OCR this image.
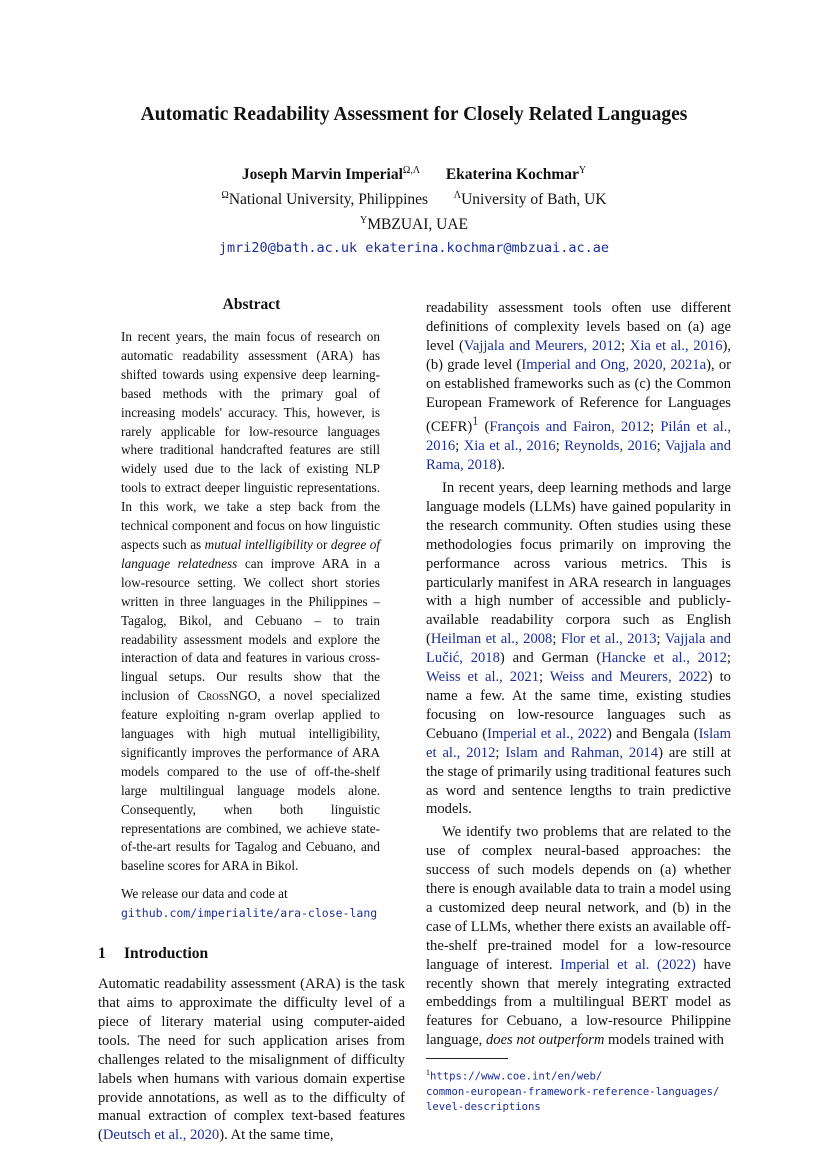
Automatic Readability Assessment for Closely Related Languages
Joseph Marvin Imperial$^{\Omega,\Lambda}$ Ekaterina Kochmar$^\Upsilon$
$^\Omega$National University, Philippines	$^\Lambda$University of Bath, UK
$^\Upsilon$MBZUAI, UAE
jmri20@bath.ac.uk ekaterina.kochmar@mbzuai.ac.ae
Abstract

In recent years, the main focus of research on automatic readability assessment (ARA) has shifted towards using expensive deep learning-based methods with the primary goal of increasing models' accuracy. This, however, is rarely applicable for low-resource languages where traditional handcrafted features are still widely used due to the lack of existing NLP tools to extract deeper linguistic representations. In this work, we take a step back from the technical component and focus on how linguistic aspects such as mutual intelligibility or degree of language relatedness can improve ARA in a low-resource setting. We collect short stories written in three languages in the Philippines – Tagalog, Bikol, and Cebuano – to train readability assessment models and explore the interaction of data and features in various cross-lingual setups. Our results show that the inclusion of CrossNGO, a novel specialized feature exploiting n-gram overlap applied to languages with high mutual intelligibility, significantly improves the performance of ARA models compared to the use of off-the-shelf large multilingual language models alone. Consequently, when both linguistic representations are combined, we achieve state-of-the-art results for Tagalog and Cebuano, and baseline scores for ARA in Bikol.

We release our data and code at
github.com/imperialite/ara-close-lang

1 Introduction

Automatic readability assessment (ARA) is the task that aims to approximate the difficulty level of a piece of literary material using computer-aided tools. The need for such application arises from challenges related to the misalignment of difficulty labels when humans with various domain expertise provide annotations, as well as to the difficulty of manual extraction of complex text-based features (Deutsch et al., 2020). At the same time,

readability assessment tools often use different definitions of complexity levels based on (a) age level (Vajjala and Meurers, 2012; Xia et al., 2016), (b) grade level (Imperial and Ong, 2020, 2021a), or on established frameworks such as (c) the Common European Framework of Reference for Languages (CEFR)$^1$ (François and Fairon, 2012; Pilán et al., 2016; Xia et al., 2016; Reynolds, 2016; Vajjala and Rama, 2018).

In recent years, deep learning methods and large language models (LLMs) have gained popularity in the research community. Often studies using these methodologies focus primarily on improving the performance across various metrics. This is particularly manifest in ARA research in languages with a high number of accessible and publicly-available readability corpora such as English (Heilman et al., 2008; Flor et al., 2013; Vajjala and Lučić, 2018) and German (Hancke et al., 2012; Weiss et al., 2021; Weiss and Meurers, 2022) to name a few. At the same time, existing studies focusing on low-resource languages such as Cebuano (Imperial et al., 2022) and Bengala (Islam et al., 2012; Islam and Rahman, 2014) are still at the stage of primarily using traditional features such as word and sentence lengths to train predictive models.

We identify two problems that are related to the use of complex neural-based approaches: the success of such models depends on (a) whether there is enough available data to train a model using a customized deep neural network, and (b) in the case of LLMs, whether there exists an available off-the-shelf pre-trained model for a low-resource language of interest. Imperial et al. (2022) have recently shown that merely integrating extracted embeddings from a multilingual BERT model as features for Cebuano, a low-resource Philippine language, does not outperform models trained with

$^1$https://www.coe.int/en/web/
common-european-framework-reference-languages/
level-descriptions
